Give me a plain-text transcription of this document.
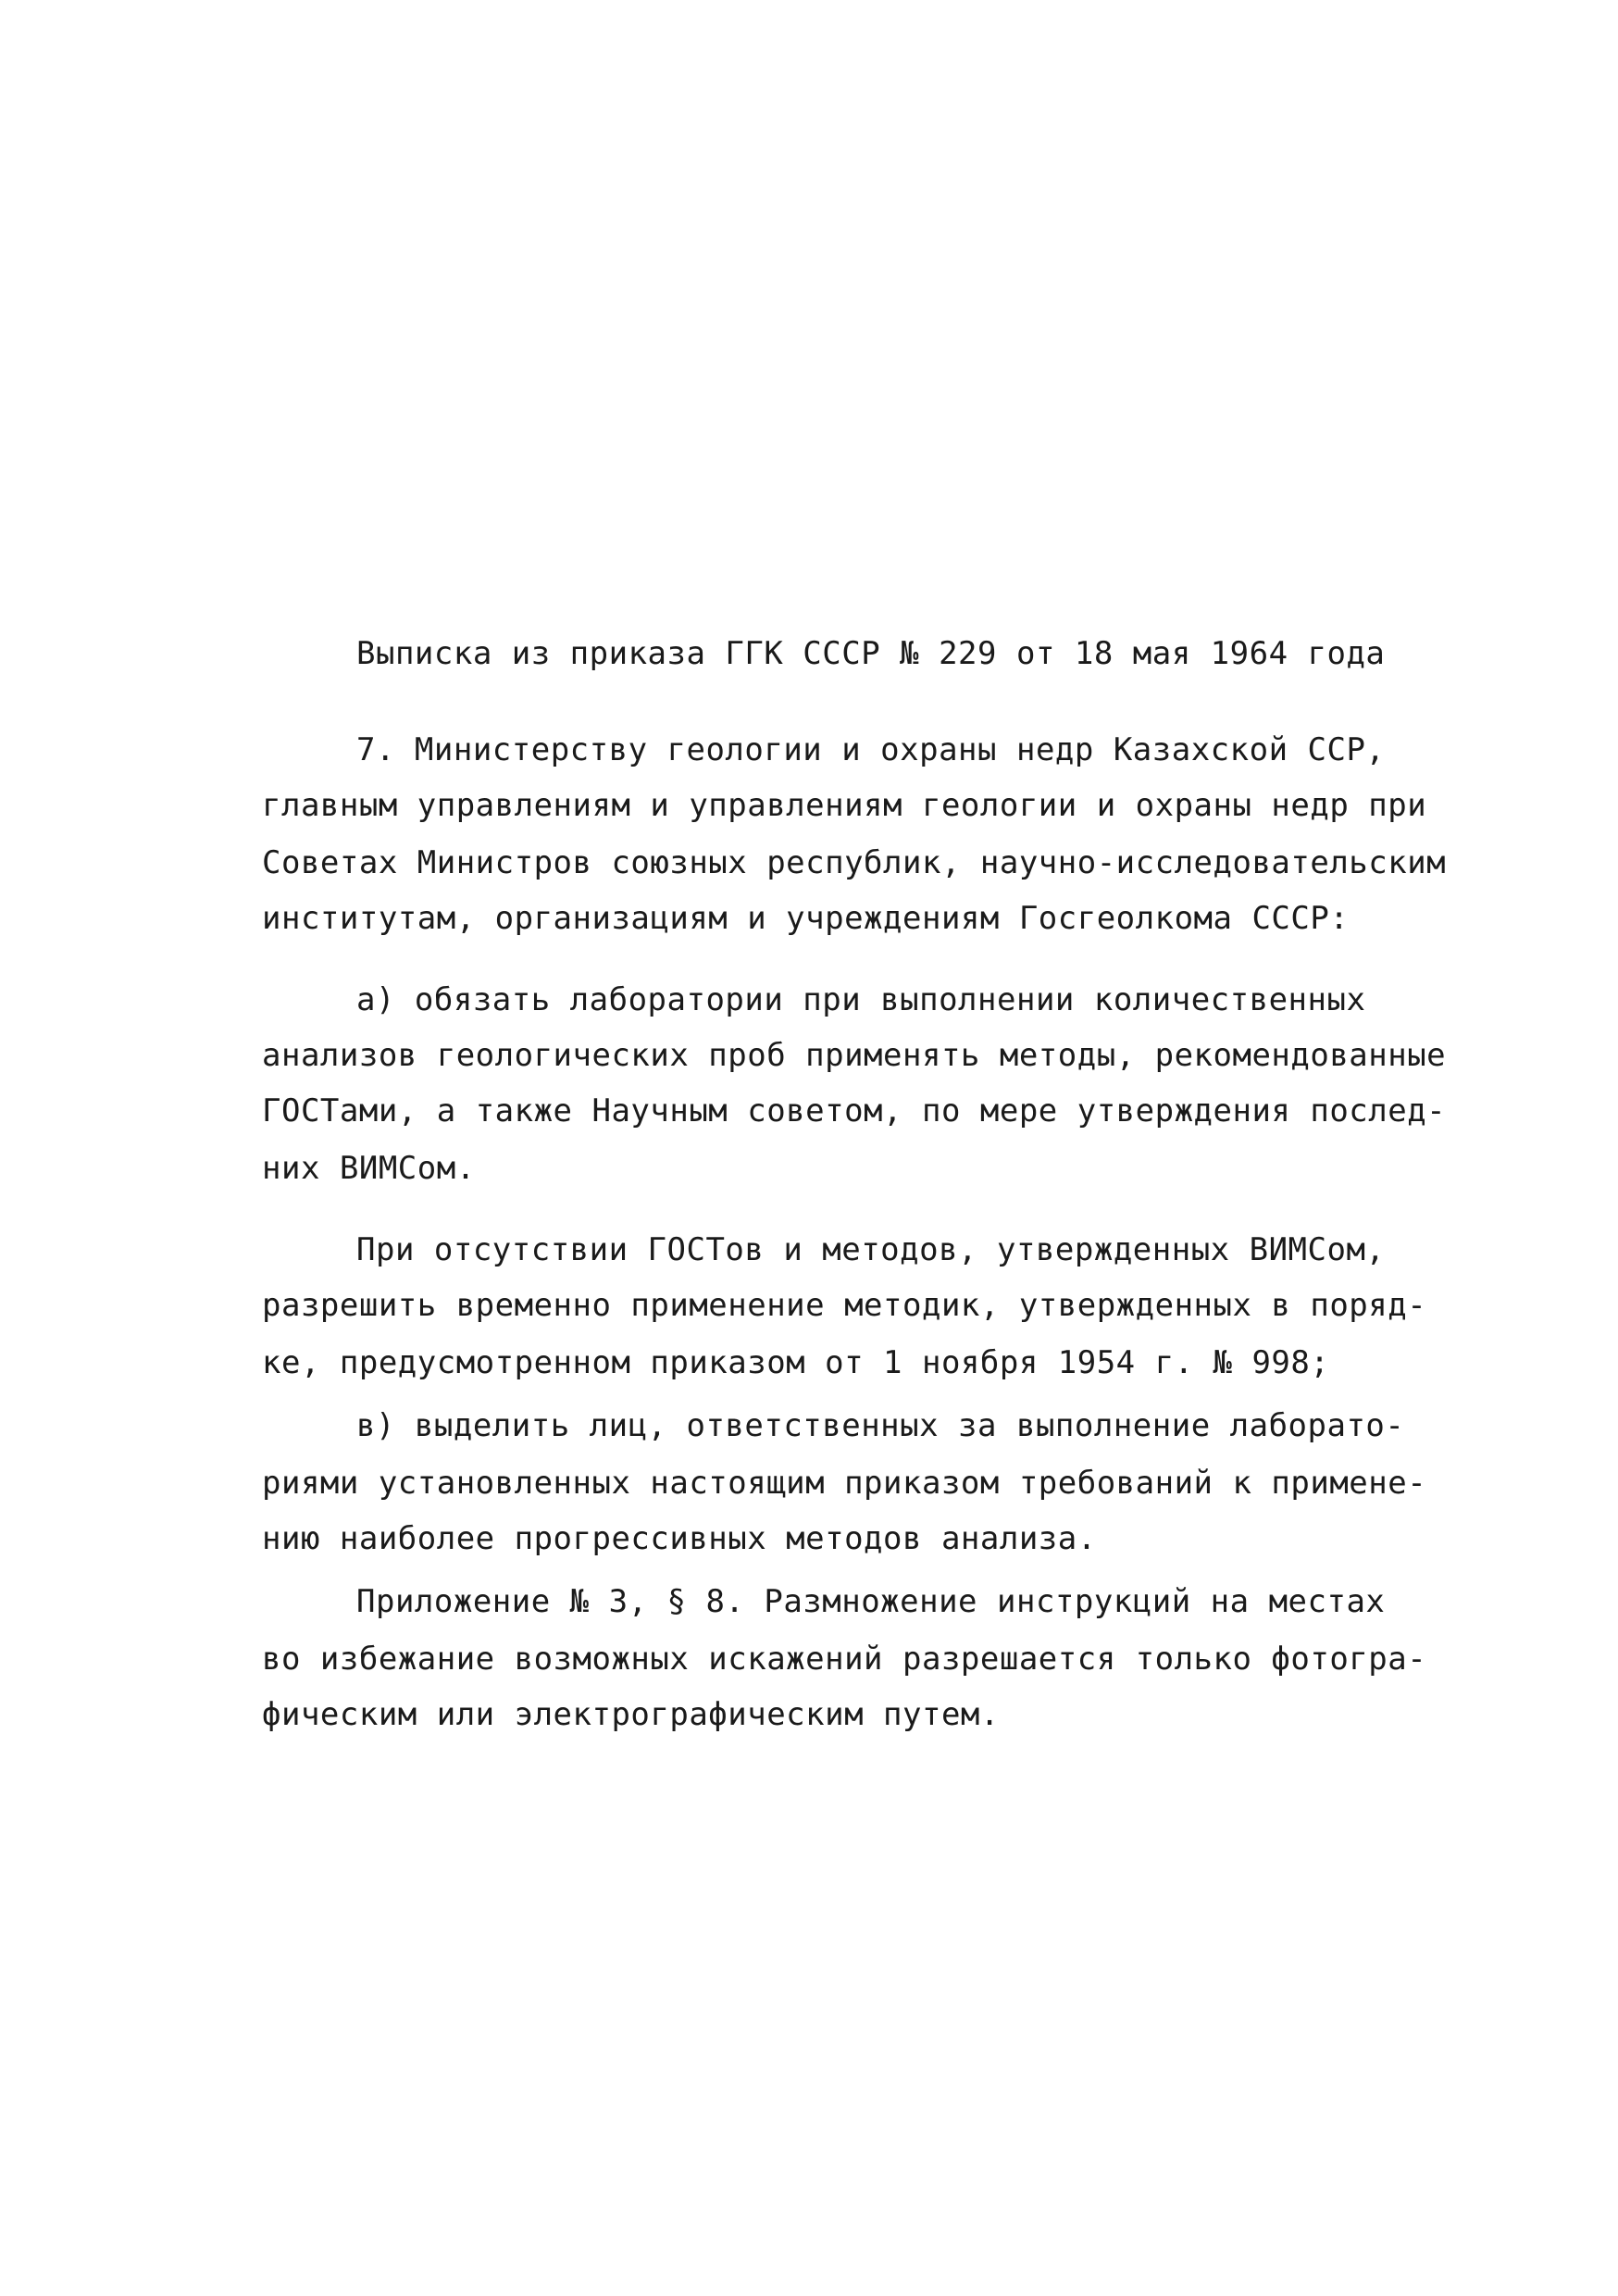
Выписка из приказа ГГК СССР № 229 от 18 мая 1964 года
7. Министерству геологии и охраны недр Казахской ССР,
главным управлениям и управлениям геологии и охраны недр при
Советах Министров союзных республик, научно-исследовательским
институтам, организациям и учреждениям Госгеолкома СССР:
а) обязать лаборатории при выполнении количественных
анализов геологических проб применять методы, рекомендованные
ГОСТами, а также Научным советом, по мере утверждения послед-
них ВИМСом.
При отсутствии ГОСТов и методов, утвержденных ВИМСом,
разрешить временно применение методик, утвержденных в поряд-
ке, предусмотренном приказом от 1 ноября 1954 г. № 998;
в) выделить лиц, ответственных за выполнение лаборато-
риями установленных настоящим приказом требований к примене-
нию наиболее прогрессивных методов анализа.
Приложение № 3, § 8. Размножение инструкций на местах
во избежание возможных искажений разрешается только фотогра-
фическим или электрографическим путем.
